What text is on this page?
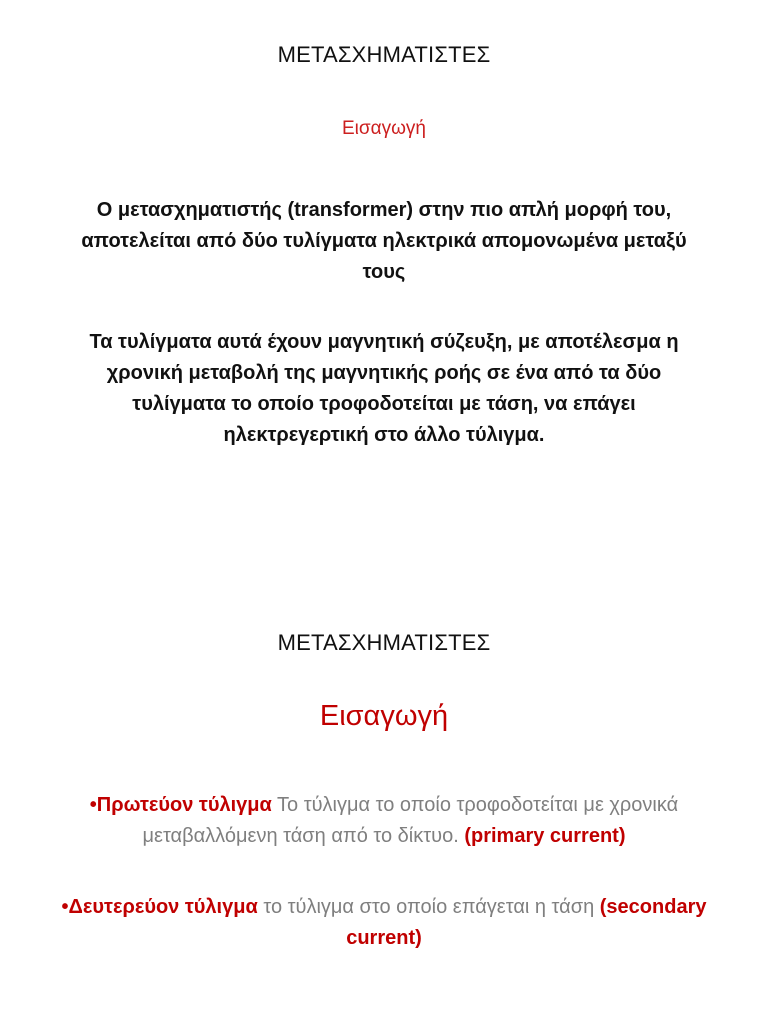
ΜΕΤΑΣΧΗΜΑΤΙΣΤΕΣ
Εισαγωγή
Ο μετασχηματιστής (transformer) στην πιο απλή μορφή του, αποτελείται από δύο τυλίγματα ηλεκτρικά απομονωμένα μεταξύ τους
Τα τυλίγματα αυτά έχουν μαγνητική σύζευξη, με αποτέλεσμα η χρονική μεταβολή της μαγνητικής ροής σε ένα από τα δύο τυλίγματα το οποίο τροφοδοτείται με τάση, να επάγει ηλεκτρεγερτική στο άλλο τύλιγμα.
ΜΕΤΑΣΧΗΜΑΤΙΣΤΕΣ
Εισαγωγή
•Πρωτεύον τύλιγμα Το τύλιγμα το οποίο τροφοδοτείται με χρονικά μεταβαλλόμενη τάση από το δίκτυο. (primary current)
•Δευτερεύον τύλιγμα το τύλιγμα στο οποίο επάγεται η τάση (secondary current)
